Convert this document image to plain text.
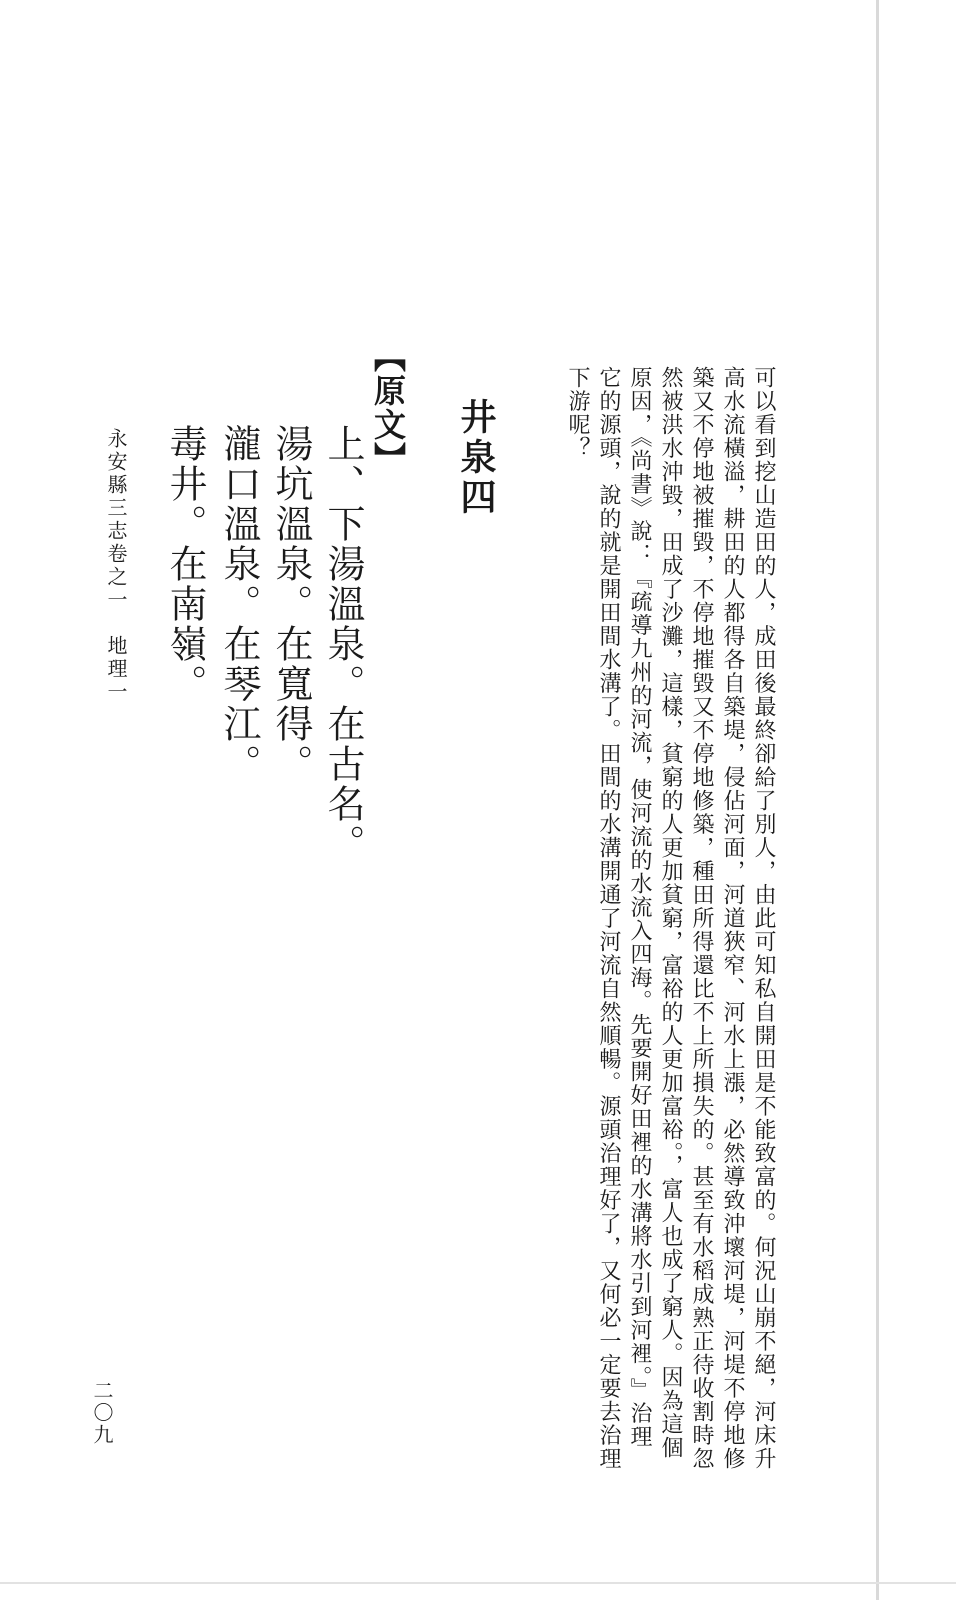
可以看到挖山造田的人，成田後最終卻給了別人，由此可知私自開田是不能致富的。何況山崩不絕，河床升

高水流橫溢，耕田的人都得各自築堤，侵佔河面，河道狹窄、河水上漲，必然導致沖壞河堤，河堤不停地修

築又不停地被摧毀，不停地摧毀又不停地修築，種田所得還比不上所損失的。甚至有水稻成熟正待收割時忽

然被洪水沖毀，田成了沙灘，這樣，貧窮的人更加貧窮，富裕的人更加富裕。，富人也成了窮人。因為這個

原因，《尚書》說：『疏導九州的河流，使河流的水流入四海。先要開好田裡的水溝將水引到河裡。』治理

它的源頭，說的就是開田間水溝了。田間的水溝開通了河流自然順暢。源頭治理好了，又何必一定要去治理

下游呢？

井泉四
【原文】

上、下湯溫泉。在古名。

湯坑溫泉。在寬得。

瀧口溫泉。在琴江。

毒井。在南嶺。

永安縣三志卷之一　地理一

二〇九
